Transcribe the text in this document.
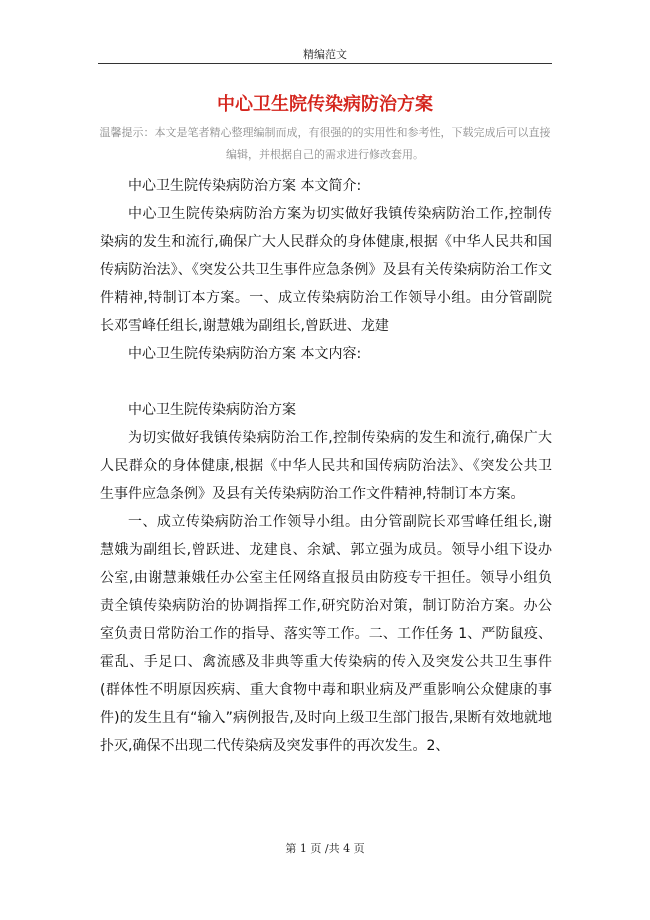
精编范文
中心卫生院传染病防治方案
温馨提示：本文是笔者精心整理编制而成，有很强的的实用性和参考性，下载完成后可以直接编辑，并根据自己的需求进行修改套用。

中心卫生院传染病防治方案 本文简介:

中心卫生院传染病防治方案为切实做好我镇传染病防治工作,控制传染病的发生和流行,确保广大人民群众的身体健康,根据《中华人民共和国传病防治法》、《突发公共卫生事件应急条例》及县有关传染病防治工作文件精神,特制订本方案。一、成立传染病防治工作领导小组。由分管副院长邓雪峰任组长,谢慧娥为副组长,曾跃进、龙建

中心卫生院传染病防治方案 本文内容:

中心卫生院传染病防治方案

为切实做好我镇传染病防治工作,控制传染病的发生和流行,确保广大人民群众的身体健康,根据《中华人民共和国传病防治法》、《突发公共卫生事件应急条例》及县有关传染病防治工作文件精神,特制订本方案。

一、成立传染病防治工作领导小组。由分管副院长邓雪峰任组长,谢慧娥为副组长,曾跃进、龙建良、余斌、郭立强为成员。领导小组下设办公室,由谢慧兼娥任办公室主任网络直报员由防疫专干担任。领导小组负责全镇传染病防治的协调指挥工作,研究防治对策，制订防治方案。办公室负责日常防治工作的指导、落实等工作。二、工作任务 1、严防鼠疫、霍乱、手足口、禽流感及非典等重大传染病的传入及突发公共卫生事件(群体性不明原因疾病、重大食物中毒和职业病及严重影响公众健康的事件)的发生且有“输入”病例报告,及时向上级卫生部门报告,果断有效地就地扑灭,确保不出现二代传染病及突发事件的再次发生。2、

第 1 页 /共 4 页
